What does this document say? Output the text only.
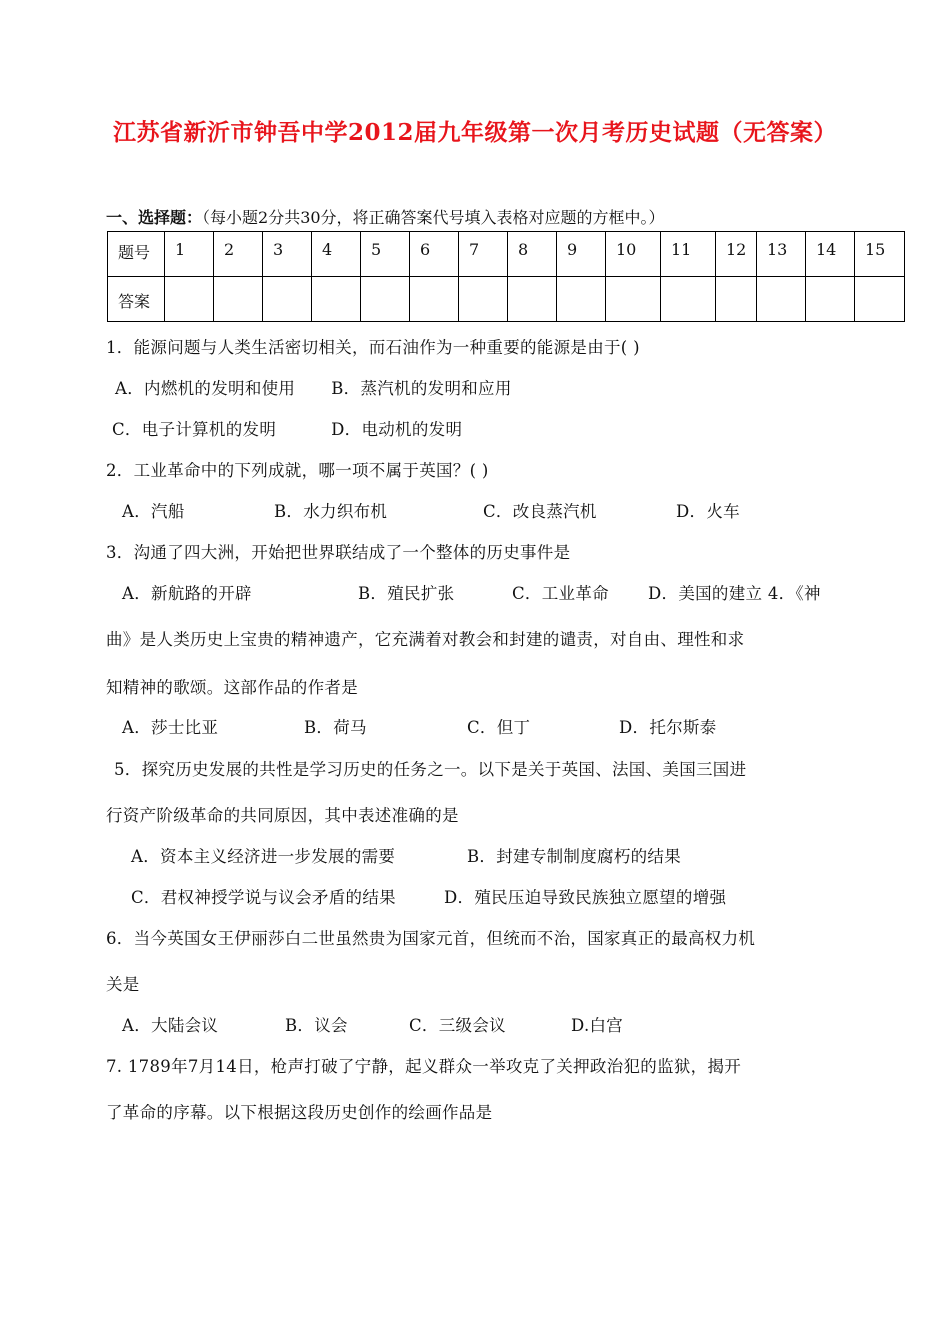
江苏省新沂市钟吾中学2012届九年级第一次月考历史试题（无答案）
一、选择题：（每小题2分共30分，将正确答案代号填入表格对应题的方框中。）
题号	1	2	3	4	5	6	7	8	9	10	11	12	13	14	15
答案															
1．能源问题与人类生活密切相关，而石油作为一种重要的能源是由于( )
A．内燃机的发明和使用 B．蒸汽机的发明和应用
C．电子计算机的发明	D．电动机的发明
2．工业革命中的下列成就，哪一项不属于英国？( )
A．汽船	B．水力织布机	C．改良蒸汽机	D．火车
3．沟通了四大洲，开始把世界联结成了一个整体的历史事件是
A．新航路的开辟	B．殖民扩张	C．工业革命 D．美国的建立 4．《神
曲》是人类历史上宝贵的精神遗产，它充满着对教会和封建的谴责，对自由、理性和求
知精神的歌颂。这部作品的作者是
A．莎士比亚	B．荷马	C．但丁	D．托尔斯泰
5．探究历史发展的共性是学习历史的任务之一。以下是关于英国、法国、美国三国进
行资产阶级革命的共同原因，其中表述准确的是
A．资本主义经济进一步发展的需要	B．封建专制制度腐朽的结果
C．君权神授学说与议会矛盾的结果	D．殖民压迫导致民族独立愿望的增强
6．当今英国女王伊丽莎白二世虽然贵为国家元首，但统而不治，国家真正的最高权力机
关是
A．大陆会议	B．议会	C．三级会议	D.白宫
7. 1789年7月14日，枪声打破了宁静，起义群众一举攻克了关押政治犯的监狱，揭开
了革命的序幕。以下根据这段历史创作的绘画作品是
